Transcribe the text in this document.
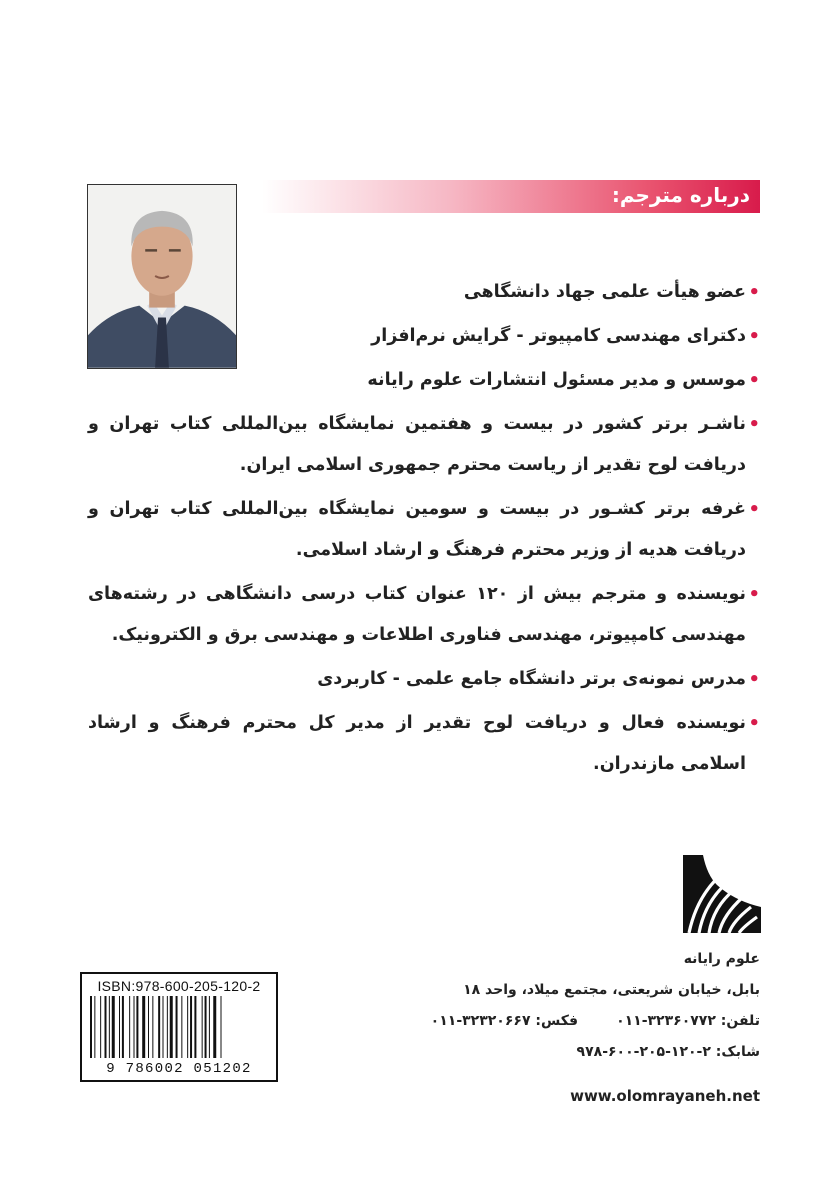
درباره مترجم:
•
عضو هیأت علمی جهاد دانشگاهی
•
دکترای مهندسی کامپیوتر - گرایش نرم‌افزار
•
موسس و مدیر مسئول انتشارات علوم رایانه
•
ناشـر برتر کشور در بیست و هفتمین نمایشگاه بین‌المللی کتاب تهران و دریافت لوح تقدیر از ریاست محترم جمهوری اسلامی ایران.
•
غرفه برتر کشـور در بیست و سومین نمایشگاه بین‌المللی کتاب تهران و دریافت هدیه از وزیر محترم فرهنگ و ارشاد اسلامی.
•
نویسنده و مترجم بیش از ۱۲۰ عنوان کتاب درسی دانشگاهی در رشته‌های مهندسی کامپیوتر، مهندسی فناوری اطلاعات و مهندسی برق و الکترونیک.
•
مدرس نمونه‌ی برتر دانشگاه جامع علمی - کاربردی
•
نویسنده فعال و دریافت لوح تقدیر از مدیر کل محترم فرهنگ و ارشاد اسلامی مازندران.
علوم رایانه
بابل، خیابان شریعتی، مجتمع میلاد، واحد ۱۸
تلفن: ۳۲۳۶۰۷۷۲-۰۱۱فکس: ۳۲۳۲۰۶۶۷-۰۱۱
شابک: ۲-۱۲۰-۲۰۵-۶۰۰-۹۷۸
www.olomrayaneh.net
ISBN:978-600-205-120-2
9 786002 051202
